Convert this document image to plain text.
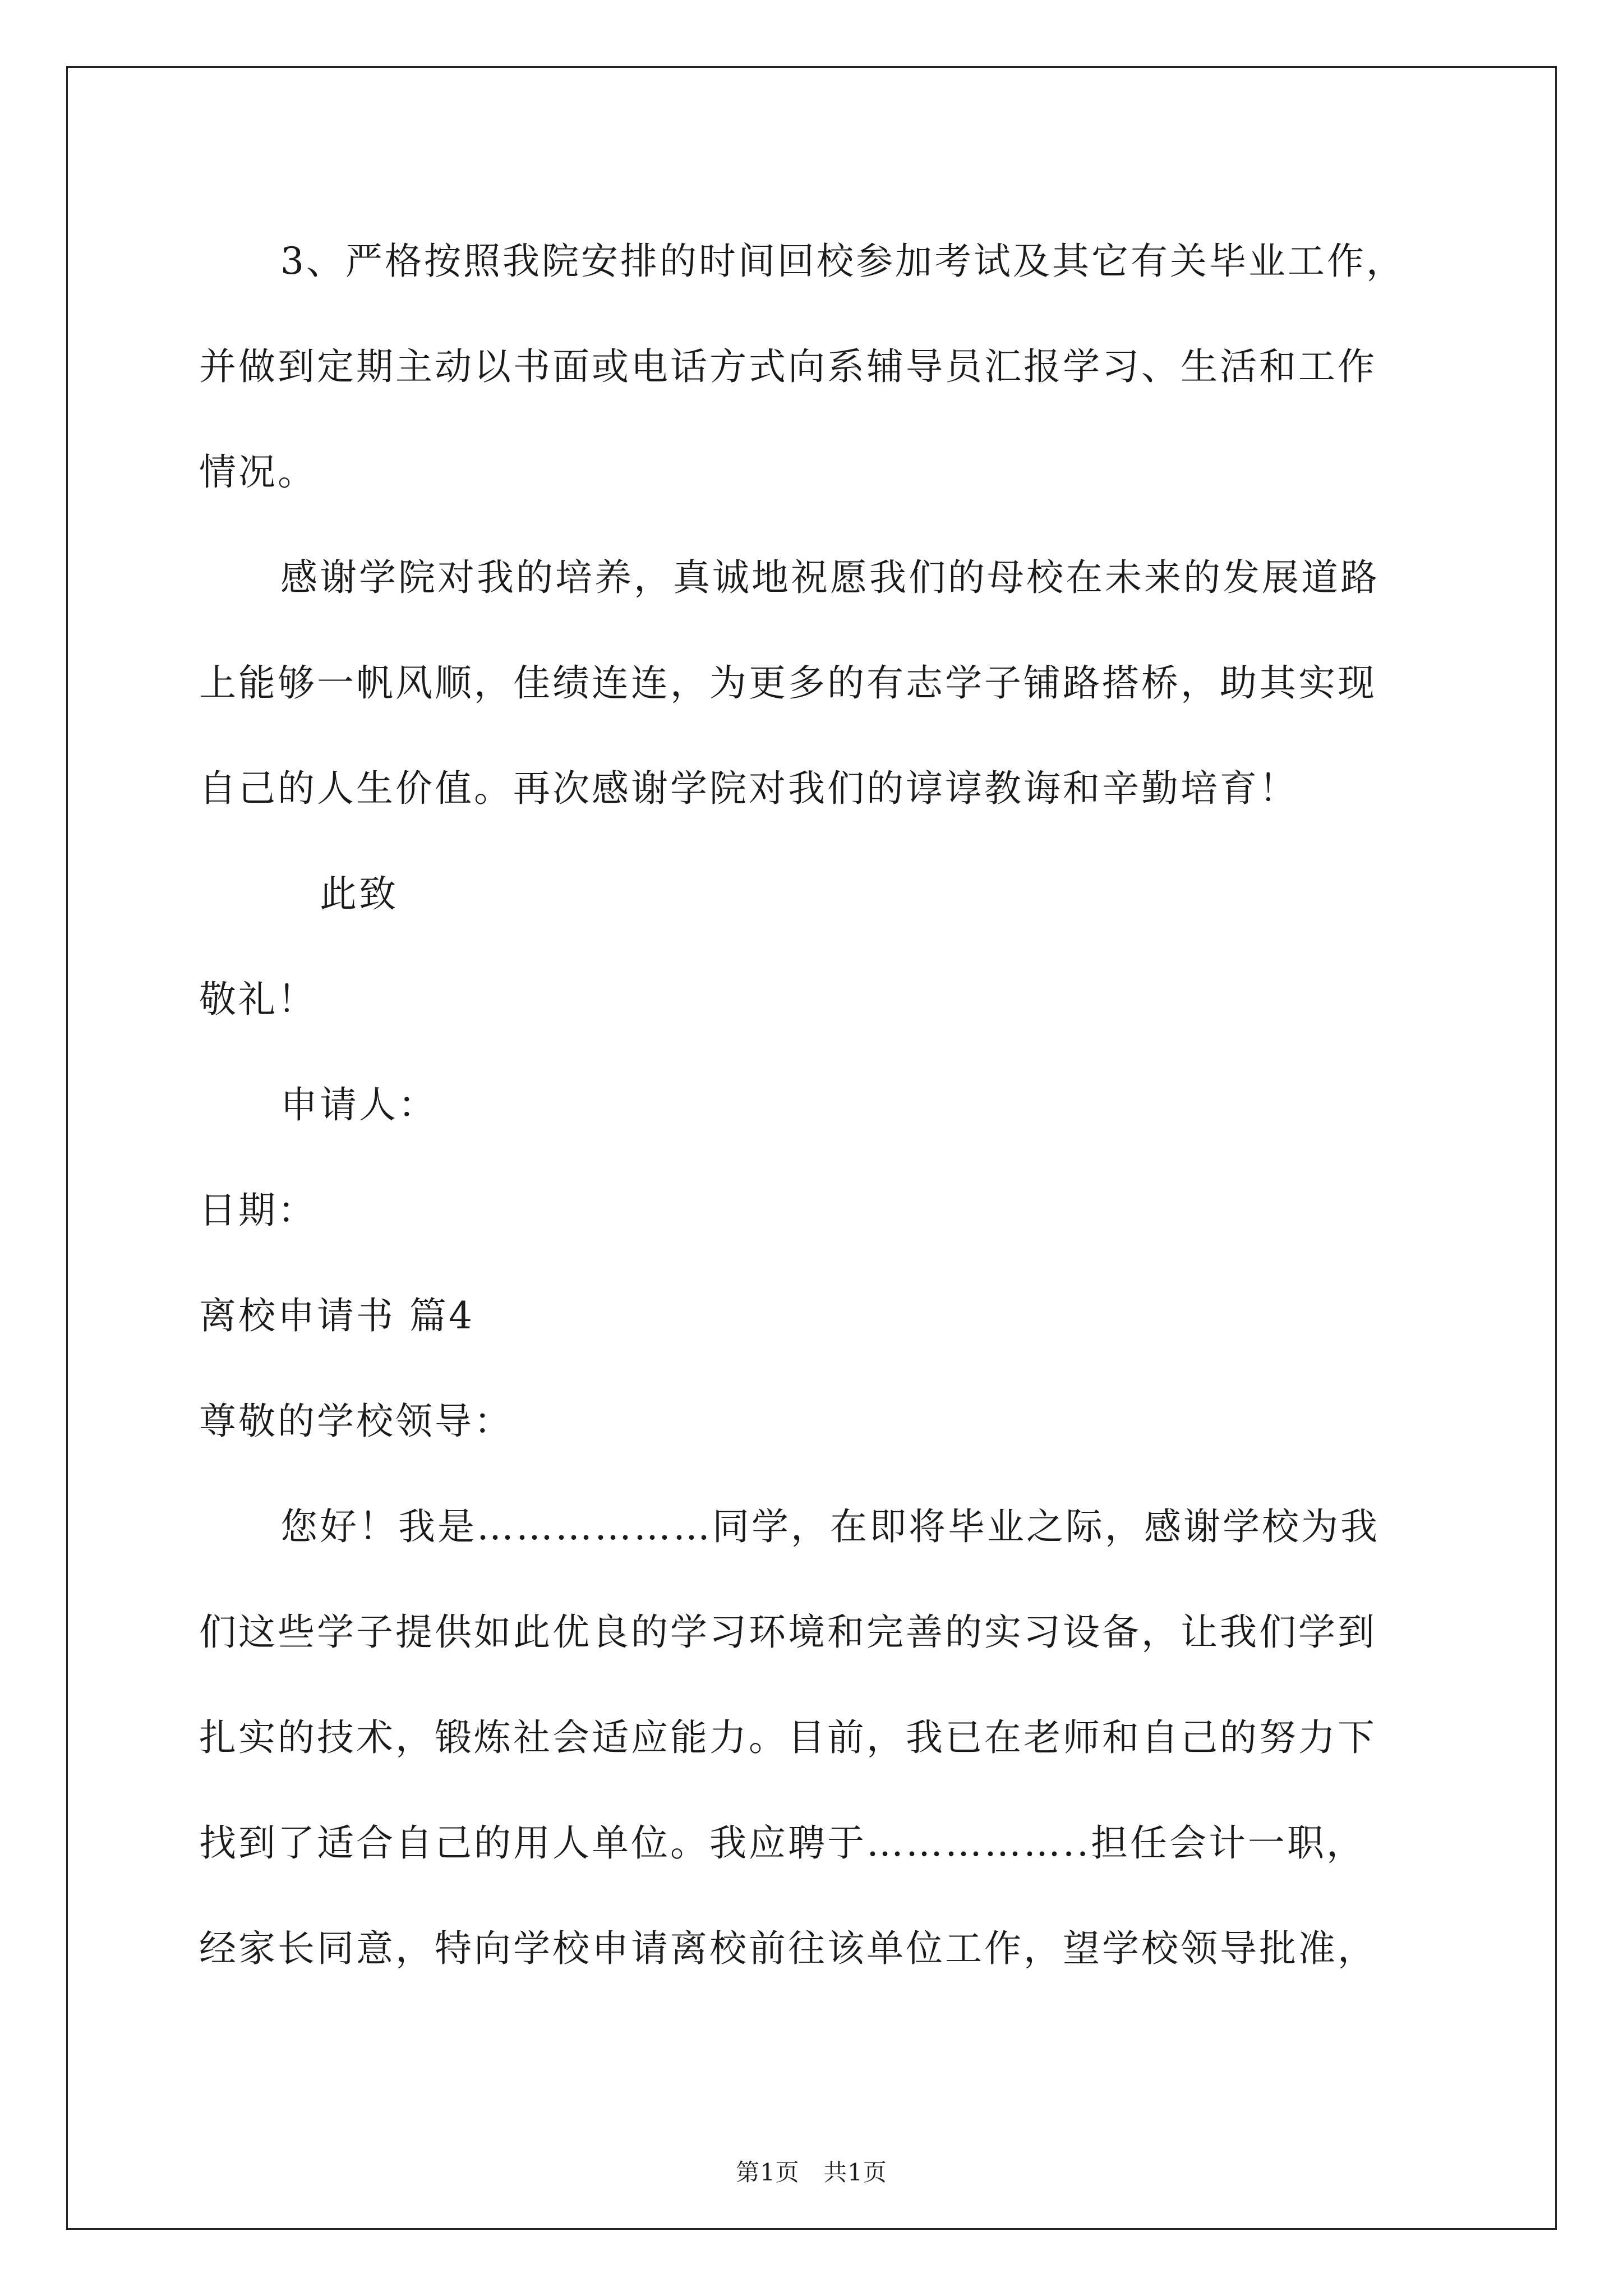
3、严格按照我院安排的时间回校参加考试及其它有关毕业工作，
并做到定期主动以书面或电话方式向系辅导员汇报学习、生活和工作
情况。
感谢学院对我的培养，真诚地祝愿我们的母校在未来的发展道路
上能够一帆风顺，佳绩连连，为更多的有志学子铺路搭桥，助其实现
自己的人生价值。再次感谢学院对我们的谆谆教诲和辛勤培育！
此致
敬礼！
申请人：
日期：
离校申请书 篇4
尊敬的学校领导：
您好！我是………………同学，在即将毕业之际，感谢学校为我
们这些学子提供如此优良的学习环境和完善的实习设备，让我们学到
扎实的技术，锻炼社会适应能力。目前，我已在老师和自己的努力下
找到了适合自己的用人单位。我应聘于……………..担任会计一职，
经家长同意，特向学校申请离校前往该单位工作，望学校领导批准，
第1页 共1页
